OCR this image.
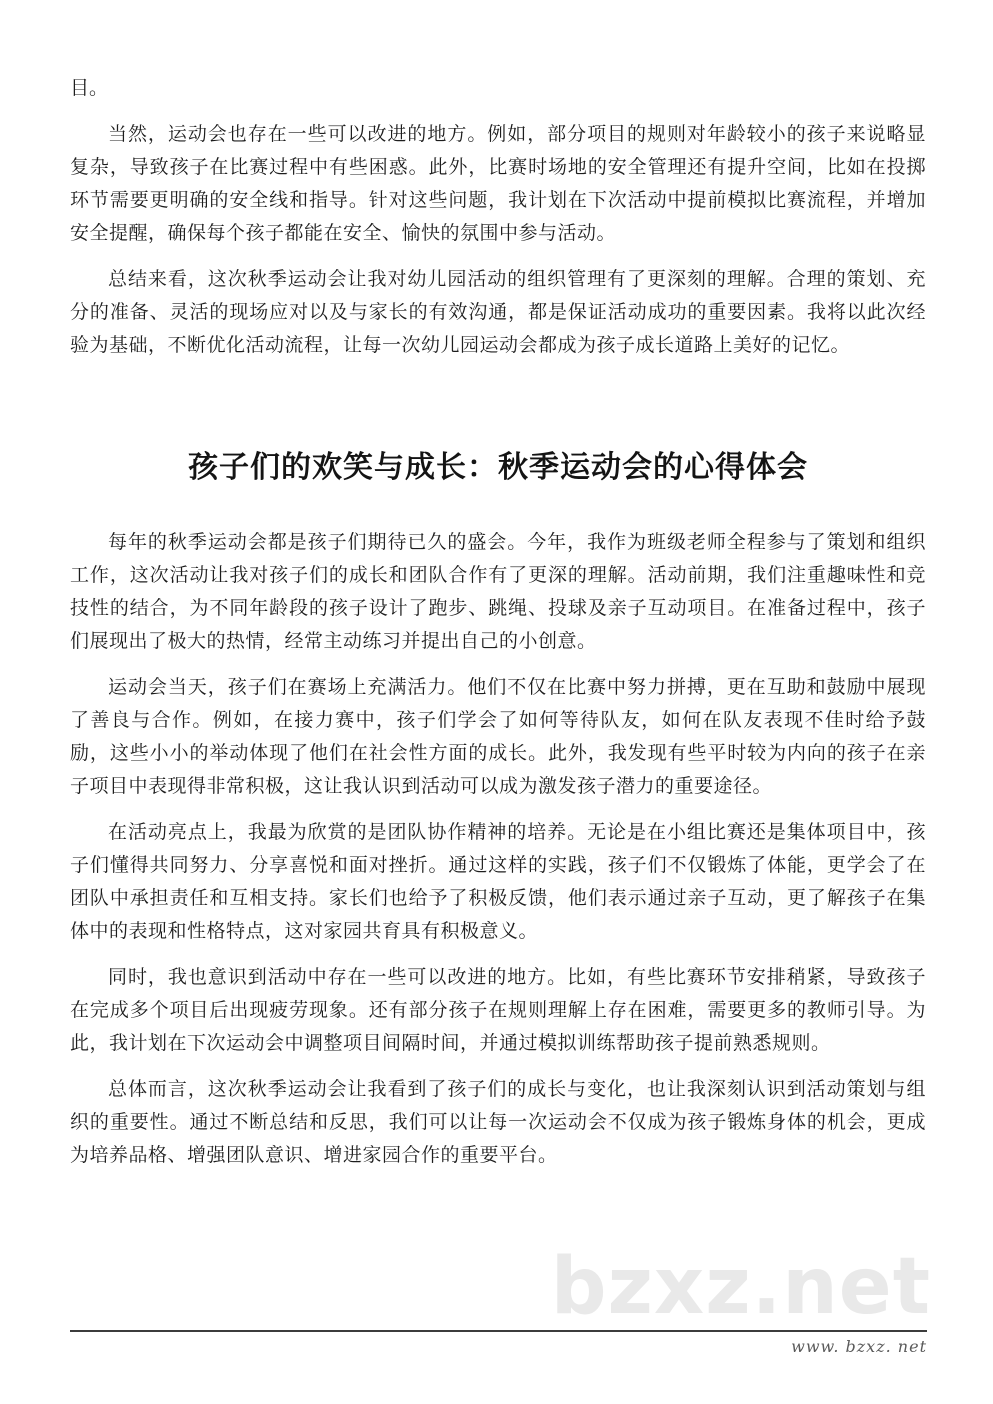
目。

当然，运动会也存在一些可以改进的地方。例如，部分项目的规则对年龄较小的孩子来说略显复杂，导致孩子在比赛过程中有些困惑。此外，比赛时场地的安全管理还有提升空间，比如在投掷环节需要更明确的安全线和指导。针对这些问题，我计划在下次活动中提前模拟比赛流程，并增加安全提醒，确保每个孩子都能在安全、愉快的氛围中参与活动。

总结来看，这次秋季运动会让我对幼儿园活动的组织管理有了更深刻的理解。合理的策划、充分的准备、灵活的现场应对以及与家长的有效沟通，都是保证活动成功的重要因素。我将以此次经验为基础，不断优化活动流程，让每一次幼儿园运动会都成为孩子成长道路上美好的记忆。

孩子们的欢笑与成长：秋季运动会的心得体会

每年的秋季运动会都是孩子们期待已久的盛会。今年，我作为班级老师全程参与了策划和组织工作，这次活动让我对孩子们的成长和团队合作有了更深的理解。活动前期，我们注重趣味性和竞技性的结合，为不同年龄段的孩子设计了跑步、跳绳、投球及亲子互动项目。在准备过程中，孩子们展现出了极大的热情，经常主动练习并提出自己的小创意。

运动会当天，孩子们在赛场上充满活力。他们不仅在比赛中努力拼搏，更在互助和鼓励中展现了善良与合作。例如，在接力赛中，孩子们学会了如何等待队友，如何在队友表现不佳时给予鼓励，这些小小的举动体现了他们在社会性方面的成长。此外，我发现有些平时较为内向的孩子在亲子项目中表现得非常积极，这让我认识到活动可以成为激发孩子潜力的重要途径。

在活动亮点上，我最为欣赏的是团队协作精神的培养。无论是在小组比赛还是集体项目中，孩子们懂得共同努力、分享喜悦和面对挫折。通过这样的实践，孩子们不仅锻炼了体能，更学会了在团队中承担责任和互相支持。家长们也给予了积极反馈，他们表示通过亲子互动，更了解孩子在集体中的表现和性格特点，这对家园共育具有积极意义。

同时，我也意识到活动中存在一些可以改进的地方。比如，有些比赛环节安排稍紧，导致孩子在完成多个项目后出现疲劳现象。还有部分孩子在规则理解上存在困难，需要更多的教师引导。为此，我计划在下次运动会中调整项目间隔时间，并通过模拟训练帮助孩子提前熟悉规则。

总体而言，这次秋季运动会让我看到了孩子们的成长与变化，也让我深刻认识到活动策划与组织的重要性。通过不断总结和反思，我们可以让每一次运动会不仅成为孩子锻炼身体的机会，更成为培养品格、增强团队意识、增进家园合作的重要平台。

bzxz.net
www. bzxz. net
